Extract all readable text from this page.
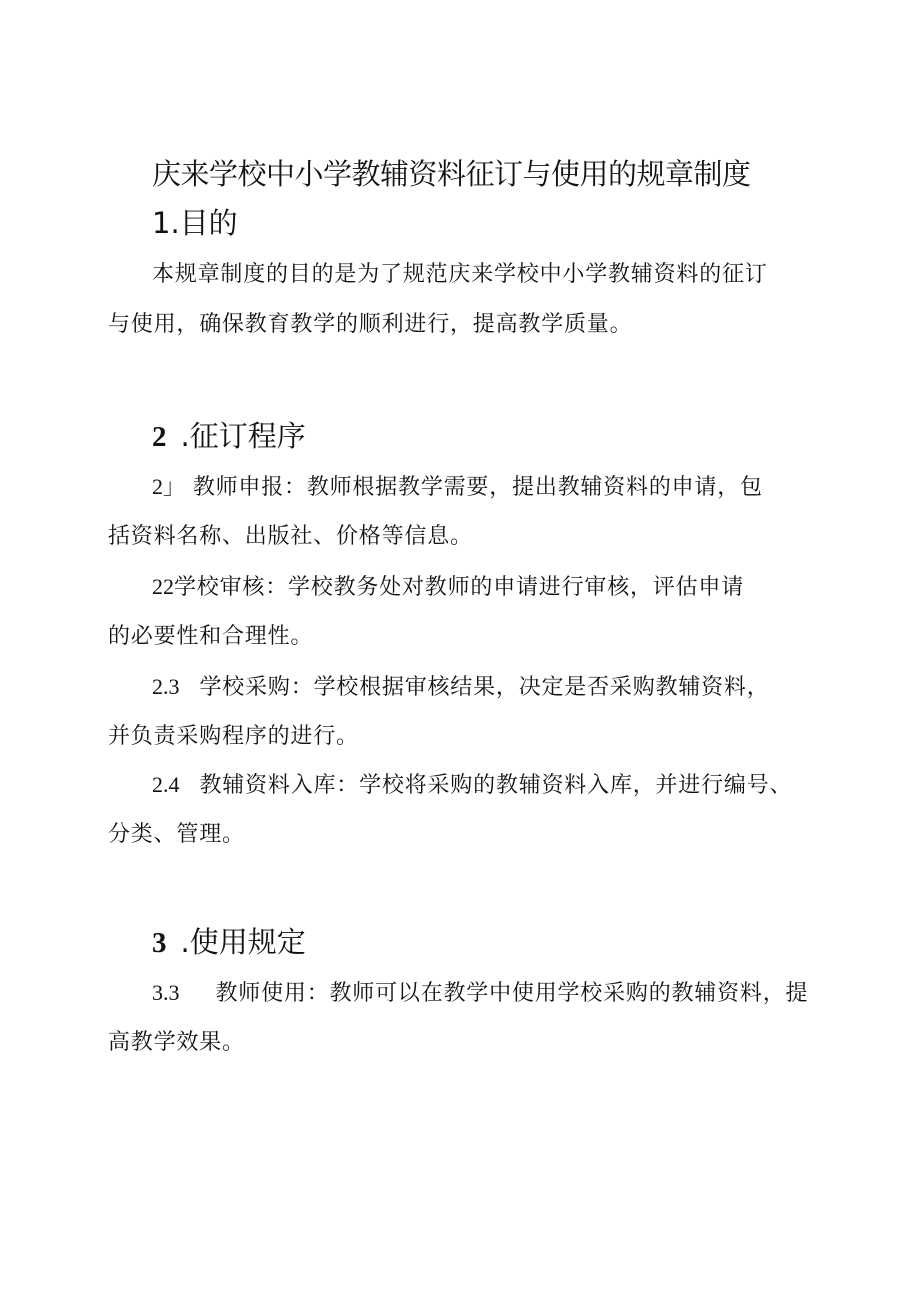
庆来学校中小学教辅资料征订与使用的规章制度
1.目的
本规章制度的目的是为了规范庆来学校中小学教辅资料的征订
与使用，确保教育教学的顺利进行，提高教学质量。
2 .征订程序
2」 教师申报：教师根据教学需要，提出教辅资料的申请，包
括资料名称、出版社、价格等信息。
22学校审核：学校教务处对教师的申请进行审核，评估申请
的必要性和合理性。
2.3 学校采购：学校根据审核结果，决定是否采购教辅资料，
并负责采购程序的进行。
2.4 教辅资料入库：学校将采购的教辅资料入库，并进行编号、
分类、管理。
3 .使用规定
3.3 教师使用：教师可以在教学中使用学校采购的教辅资料，提
高教学效果。
